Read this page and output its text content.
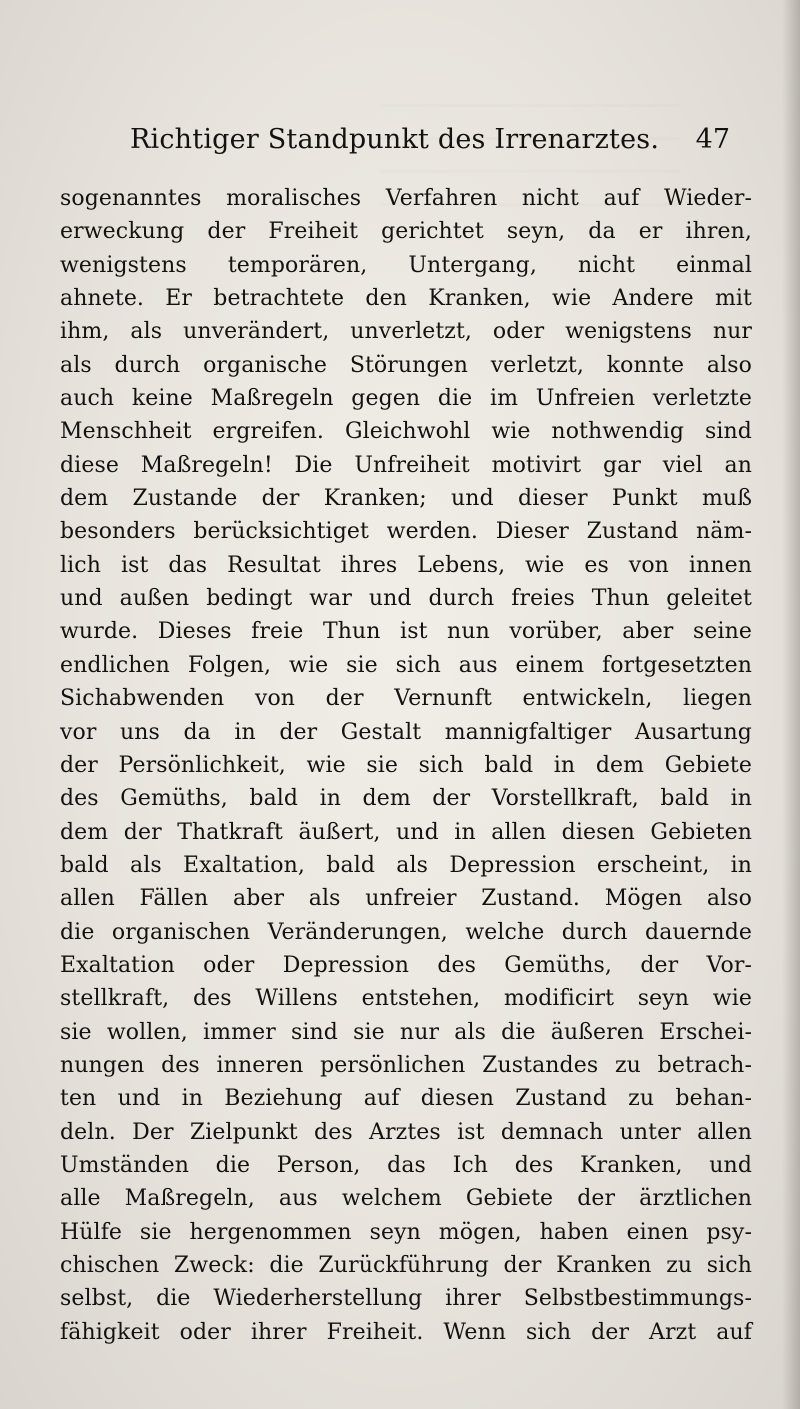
Richtiger Standpunkt des Irrenarztes. 47
sogenanntes moralisches Verfahren nicht auf Wieder-
erweckung der Freiheit gerichtet seyn, da er ihren,
wenigstens temporären, Untergang, nicht einmal
ahnete. Er betrachtete den Kranken, wie Andere mit
ihm, als unverändert, unverletzt, oder wenigstens nur
als durch organische Störungen verletzt, konnte also
auch keine Maßregeln gegen die im Unfreien verletzte
Menschheit ergreifen. Gleichwohl wie nothwendig sind
diese Maßregeln! Die Unfreiheit motivirt gar viel an
dem Zustande der Kranken; und dieser Punkt muß
besonders berücksichtiget werden. Dieser Zustand näm-
lich ist das Resultat ihres Lebens, wie es von innen
und außen bedingt war und durch freies Thun geleitet
wurde. Dieses freie Thun ist nun vorüber, aber seine
endlichen Folgen, wie sie sich aus einem fortgesetzten
Sichabwenden von der Vernunft entwickeln, liegen
vor uns da in der Gestalt mannigfaltiger Ausartung
der Persönlichkeit, wie sie sich bald in dem Gebiete
des Gemüths, bald in dem der Vorstellkraft, bald in
dem der Thatkraft äußert, und in allen diesen Gebieten
bald als Exaltation, bald als Depression erscheint, in
allen Fällen aber als unfreier Zustand. Mögen also
die organischen Veränderungen, welche durch dauernde
Exaltation oder Depression des Gemüths, der Vor-
stellkraft, des Willens entstehen, modificirt seyn wie
sie wollen, immer sind sie nur als die äußeren Erschei-
nungen des inneren persönlichen Zustandes zu betrach-
ten und in Beziehung auf diesen Zustand zu behan-
deln. Der Zielpunkt des Arztes ist demnach unter allen
Umständen die Person, das Ich des Kranken, und
alle Maßregeln, aus welchem Gebiete der ärztlichen
Hülfe sie hergenommen seyn mögen, haben einen psy-
chischen Zweck: die Zurückführung der Kranken zu sich
selbst, die Wiederherstellung ihrer Selbstbestimmungs-
fähigkeit oder ihrer Freiheit. Wenn sich der Arzt auf
